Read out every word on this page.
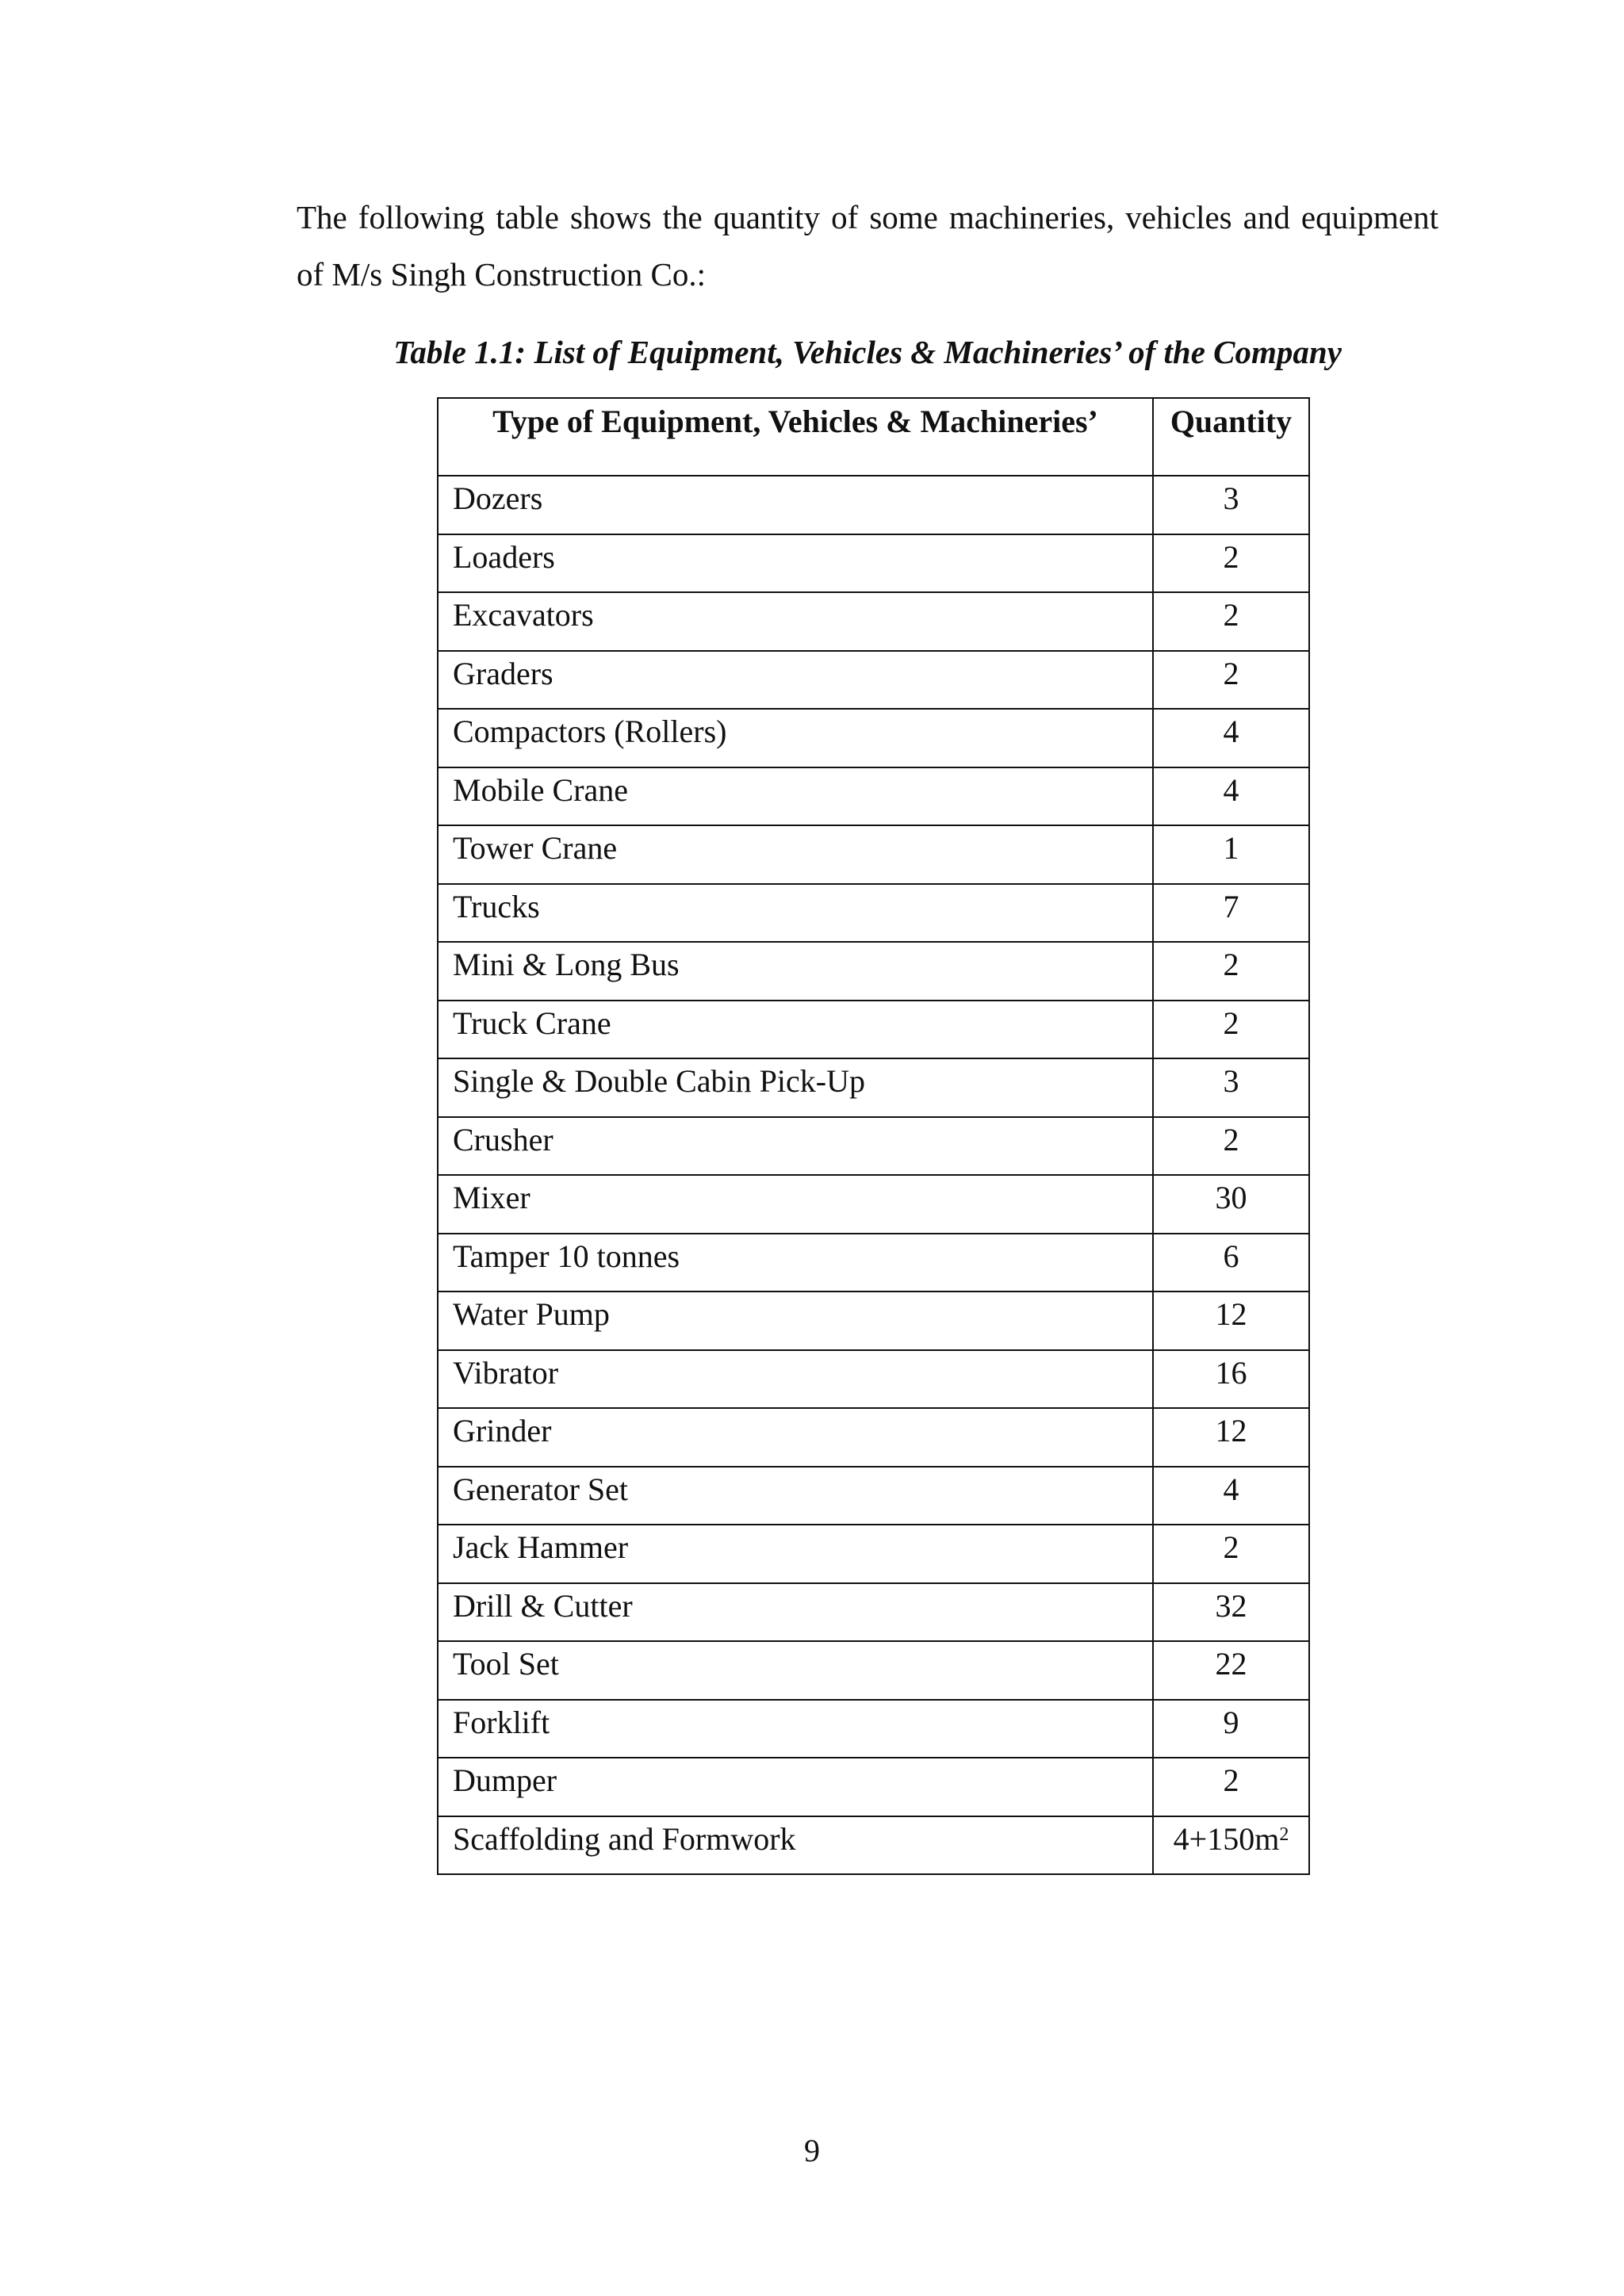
The following table shows the quantity of some machineries, vehicles and equipment of M/s Singh Construction Co.:

Table 1.1: List of Equipment, Vehicles & Machineries’ of the Company

Type of Equipment, Vehicles & Machineries’	Quantity
Dozers	3
Loaders	2
Excavators	2
Graders	2
Compactors (Rollers)	4
Mobile Crane	4
Tower Crane	1
Trucks	7
Mini & Long Bus	2
Truck Crane	2
Single & Double Cabin Pick-Up	3
Crusher	2
Mixer	30
Tamper 10 tonnes	6
Water Pump	12
Vibrator	16
Grinder	12
Generator Set	4
Jack Hammer	2
Drill & Cutter	32
Tool Set	22
Forklift	9
Dumper	2
Scaffolding and Formwork	$4+150m^2$
9
